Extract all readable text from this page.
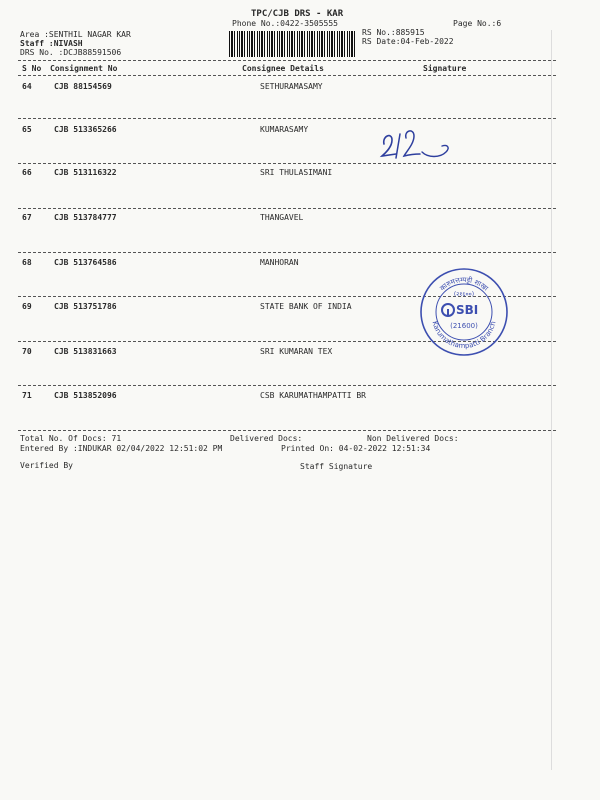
TPC/CJB DRS - KAR
Phone No.:0422-3505555	Page No.:6
Area :SENTHIL NAGAR KAR
Staff :NIVASH
DRS No. :DCJB88591506
RS No.:885915
RS Date:04-Feb-2022
S No Consignment No	Consignee Details	Signature
64	CJB 88154569	SETHURAMASAMY
65	CJB 513365266	KUMARASAMY
66	CJB 513116322	SRI THULASIMANI
67	CJB 513784777	THANGAVEL
68	CJB 513764586	MANHORAN
69	CJB 513751786	STATE BANK OF INDIA
70	CJB 513831663	SRI KUMARAN TEX
71	CJB 513852096	CSB KARUMATHAMPATTI BR
कारुमत्तम्पट्टी शाखा
Karumathampatti Branch
(२१६००)
SBI
(21600)
Total No. Of Docs: 71	Delivered Docs:	Non Delivered Docs:
Entered By :INDUKAR 02/04/2022 12:51:02 PM	Printed On: 04-02-2022 12:51:34
Verified By	Staff Signature
